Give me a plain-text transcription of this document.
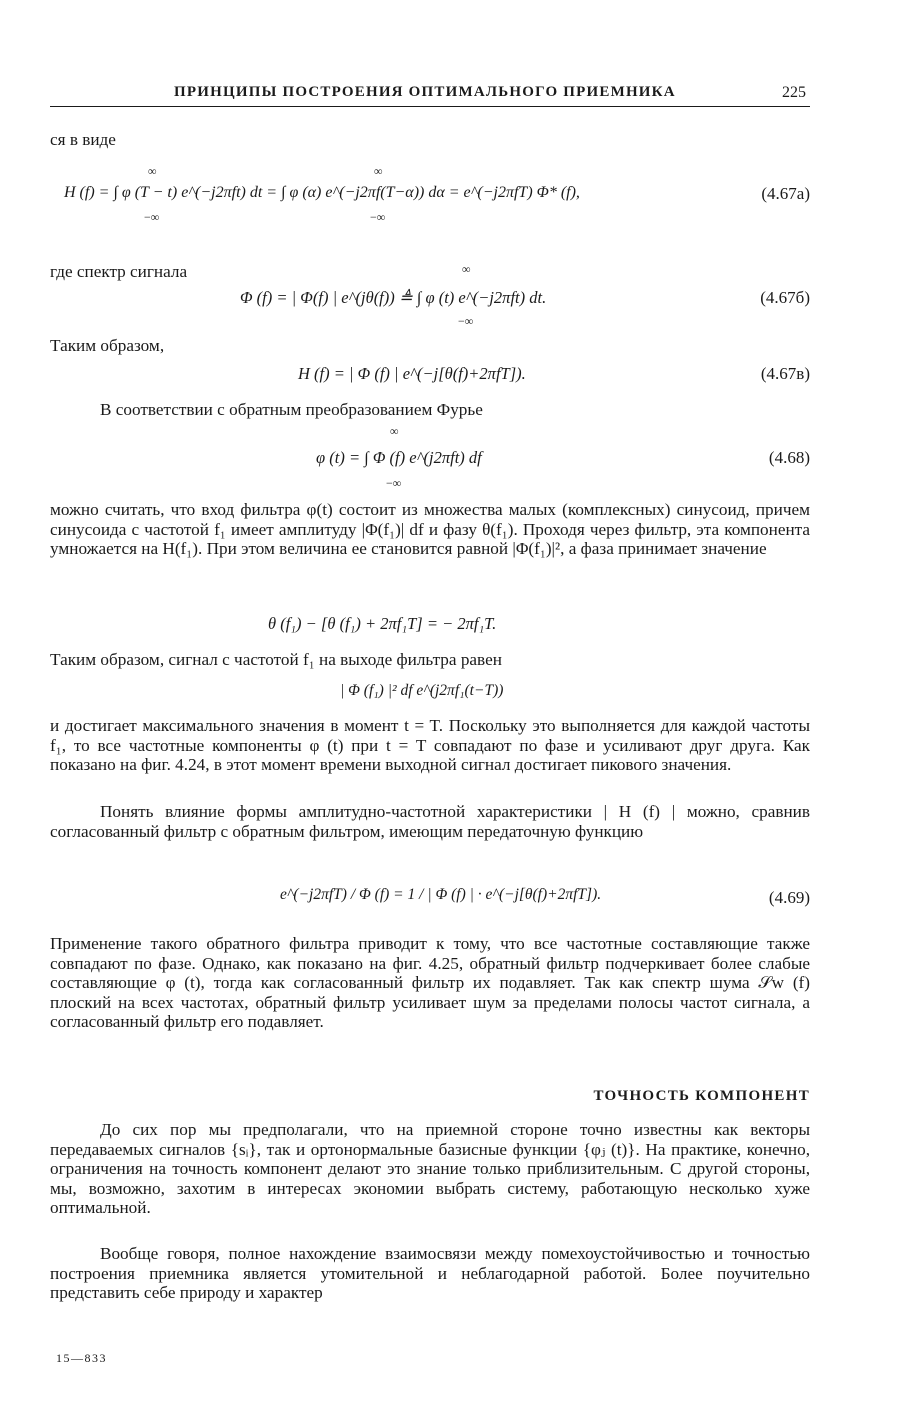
ПРИНЦИПЫ ПОСТРОЕНИЯ ОПТИМАЛЬНОГО ПРИЕМНИКА	225
ся в виде
H (f) = ∫ φ (T − t) e^(−j2πft) dt = ∫ φ (α) e^(−j2πf(T−α)) dα = e^(−j2πfT) Φ* (f),
∞
−∞
∞
−∞
(4.67а)
где спектр сигнала
Φ (f) = | Φ(f) | e^(jθ(f)) ≜ ∫ φ (t) e^(−j2πft) dt.
∞
−∞
(4.67б)
Таким образом,
H (f) = | Φ (f) | e^(−j[θ(f)+2πfT]).	(4.67в)
В соответствии с обратным преобразованием Фурье
φ (t) = ∫ Φ (f) e^(j2πft) df
∞
−∞
(4.68)
можно считать, что вход фильтра φ(t) состоит из множества малых (комплексных) синусоид, причем синусоида с частотой f₁ имеет амплитуду |Φ(f₁)| df и фазу θ(f₁). Проходя через фильтр, эта компонента умножается на H(f₁). При этом величина ее становится равной |Φ(f₁)|², а фаза принимает значение
θ (f₁) − [θ (f₁) + 2πf₁T] = − 2πf₁T.
Таким образом, сигнал с частотой f₁ на выходе фильтра равен
| Φ (f₁) |² df e^(j2πf₁(t−T))
и достигает максимального значения в момент t = T. Поскольку это выполняется для каждой частоты f₁, то все частотные компоненты φ (t) при t = T совпадают по фазе и усиливают друг друга. Как показано на фиг. 4.24, в этот момент времени выходной сигнал достигает пикового значения.
Понять влияние формы амплитудно-частотной характеристики | H (f) | можно, сравнив согласованный фильтр с обратным фильтром, имеющим передаточную функцию
e^(−j2πfT) / Φ (f) = 1 / | Φ (f) | · e^(−j[θ(f)+2πfT]).	(4.69)
Применение такого обратного фильтра приводит к тому, что все частотные составляющие также совпадают по фазе. Однако, как показано на фиг. 4.25, обратный фильтр подчеркивает более слабые составляющие φ (t), тогда как согласованный фильтр их подавляет. Так как спектр шума 𝒮w (f) плоский на всех частотах, обратный фильтр усиливает шум за пределами полосы частот сигнала, а согласованный фильтр его подавляет.
ТОЧНОСТЬ КОМПОНЕНТ
До сих пор мы предполагали, что на приемной стороне точно известны как векторы передаваемых сигналов {sᵢ}, так и ортонормальные базисные функции {φⱼ (t)}. На практике, конечно, ограничения на точность компонент делают это знание только приблизительным. С другой стороны, мы, возможно, захотим в интересах экономии выбрать систему, работающую несколько хуже оптимальной.
Вообще говоря, полное нахождение взаимосвязи между помехоустойчивостью и точностью построения приемника является утомительной и неблагодарной работой. Более поучительно представить себе природу и характер
15—833
